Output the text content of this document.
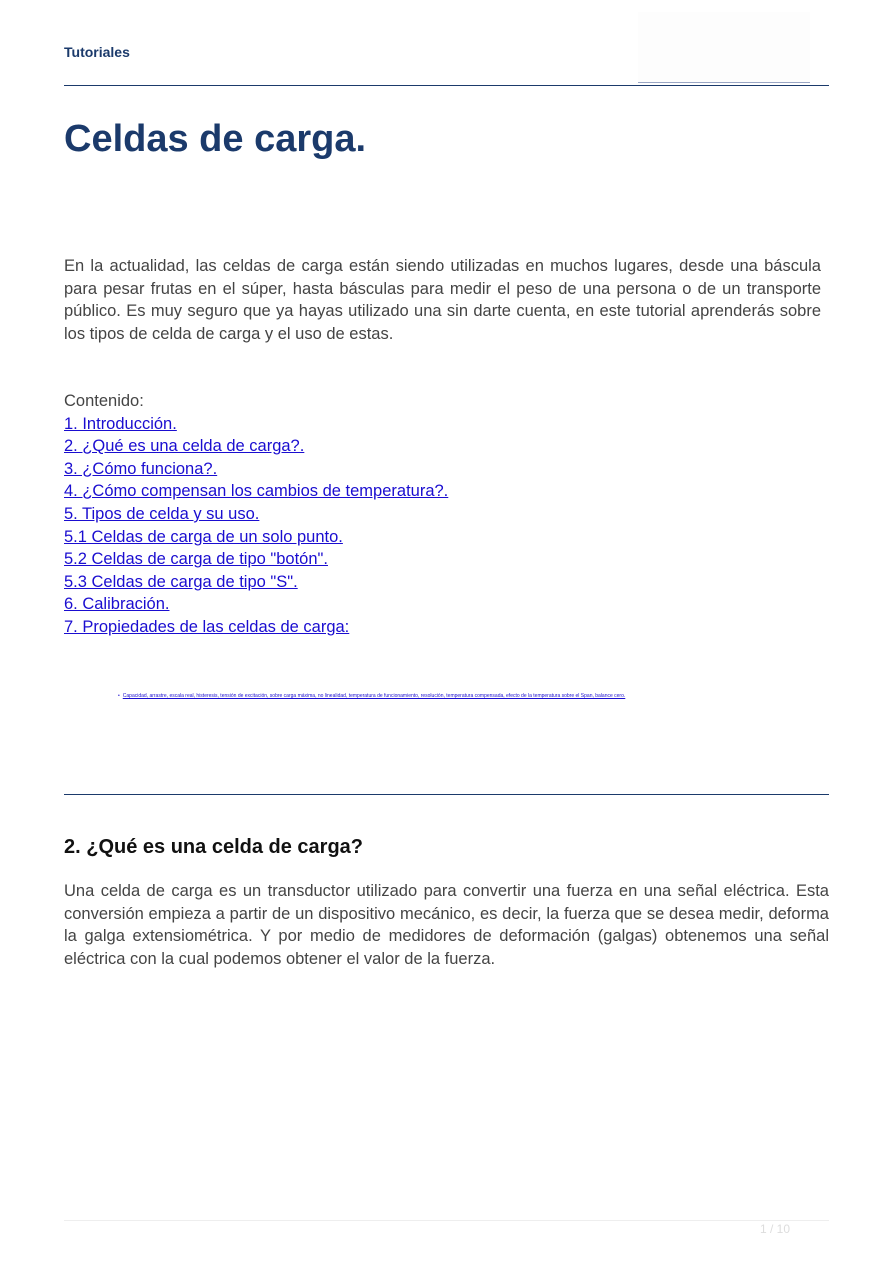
Tutoriales
Celdas de carga.

En la actualidad, las celdas de carga están siendo utilizadas en muchos lugares, desde una báscula para pesar frutas en el súper, hasta básculas para medir el peso de una persona o de un transporte público. Es muy seguro que ya hayas utilizado una sin darte cuenta, en este tutorial aprenderás sobre los tipos de celda de carga y el uso de estas.

Contenido:
1. Introducción.
2. ¿Qué es una celda de carga?.
3. ¿Cómo funciona?.
4. ¿Cómo compensan los cambios de temperatura?.
5. Tipos de celda y su uso.
5.1 Celdas de carga de un solo punto.
5.2 Celdas de carga de tipo "botón".
5.3 Celdas de carga de tipo "S".
6. Calibración.
7. Propiedades de las celdas de carga:
• Capacidad, arrastre, escala real, histeresis, tensión de excitación, sobre carga máxima, no linealidad, temperatura de funcionamiento, resolución, temperatura compensada, efecto de la temperatura sobre el Span, balance cero.
2. ¿Qué es una celda de carga?

Una celda de carga es un transductor utilizado para convertir una fuerza en una señal eléctrica. Esta conversión empieza a partir de un dispositivo mecánico, es decir, la fuerza que se desea medir, deforma la galga extensiométrica. Y por medio de medidores de deformación (galgas) obtenemos una señal eléctrica con la cual podemos obtener el valor de la fuerza.

1 / 10
